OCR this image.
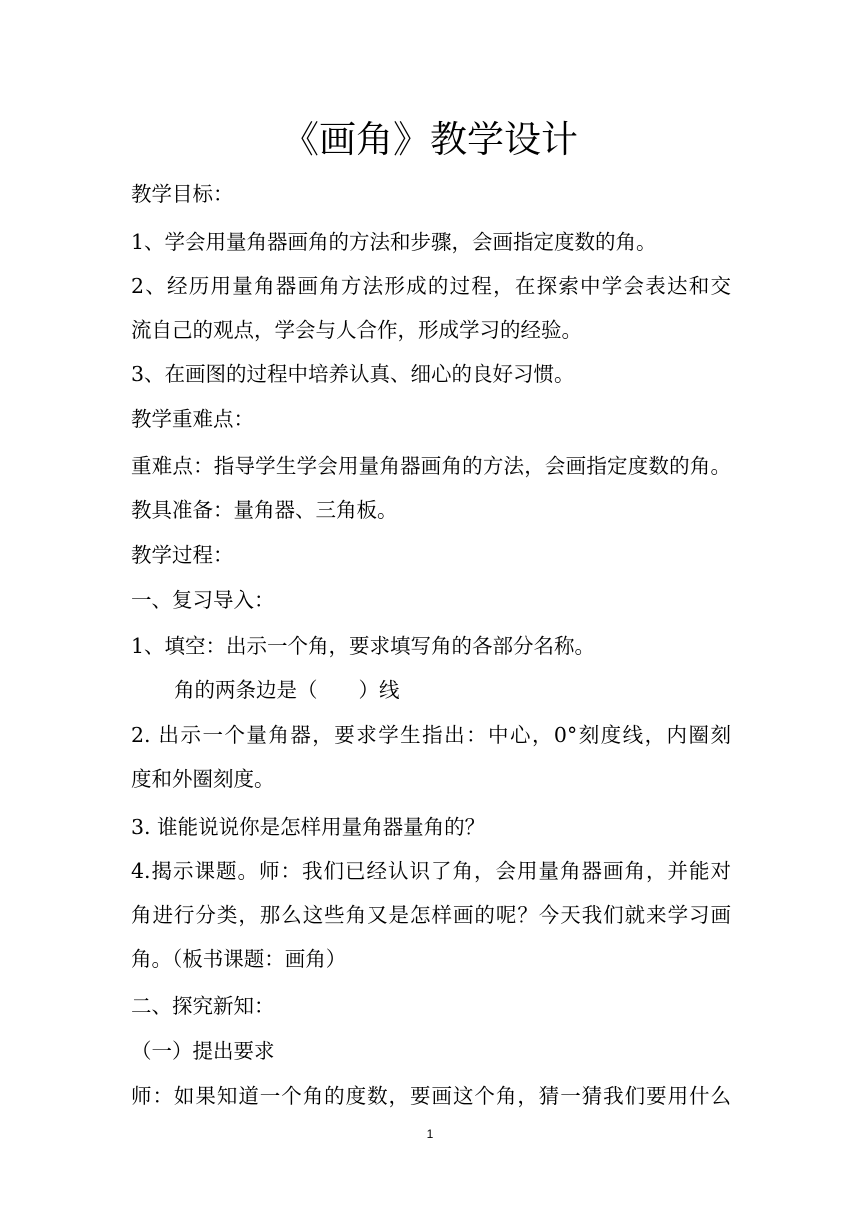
《画角》教学设计
教学目标：
1、学会用量角器画角的方法和步骤，会画指定度数的角。
2、经历用量角器画角方法形成的过程，在探索中学会表达和交
流自己的观点，学会与人合作，形成学习的经验。
3、在画图的过程中培养认真、细心的良好习惯。
教学重难点：
重难点：指导学生学会用量角器画角的方法，会画指定度数的角。
教具准备：量角器、三角板。
教学过程：
一、复习导入：
1、填空：出示一个角，要求填写角的各部分名称。
角的两条边是（　　）线
2. 出示一个量角器，要求学生指出：中心，0°刻度线，内圈刻
度和外圈刻度。
3. 谁能说说你是怎样用量角器量角的？
4.揭示课题。师：我们已经认识了角，会用量角器画角，并能对
角进行分类，那么这些角又是怎样画的呢？今天我们就来学习画
角。（板书课题：画角）
二、探究新知：
（一）提出要求
师：如果知道一个角的度数，要画这个角，猜一猜我们要用什么
1
